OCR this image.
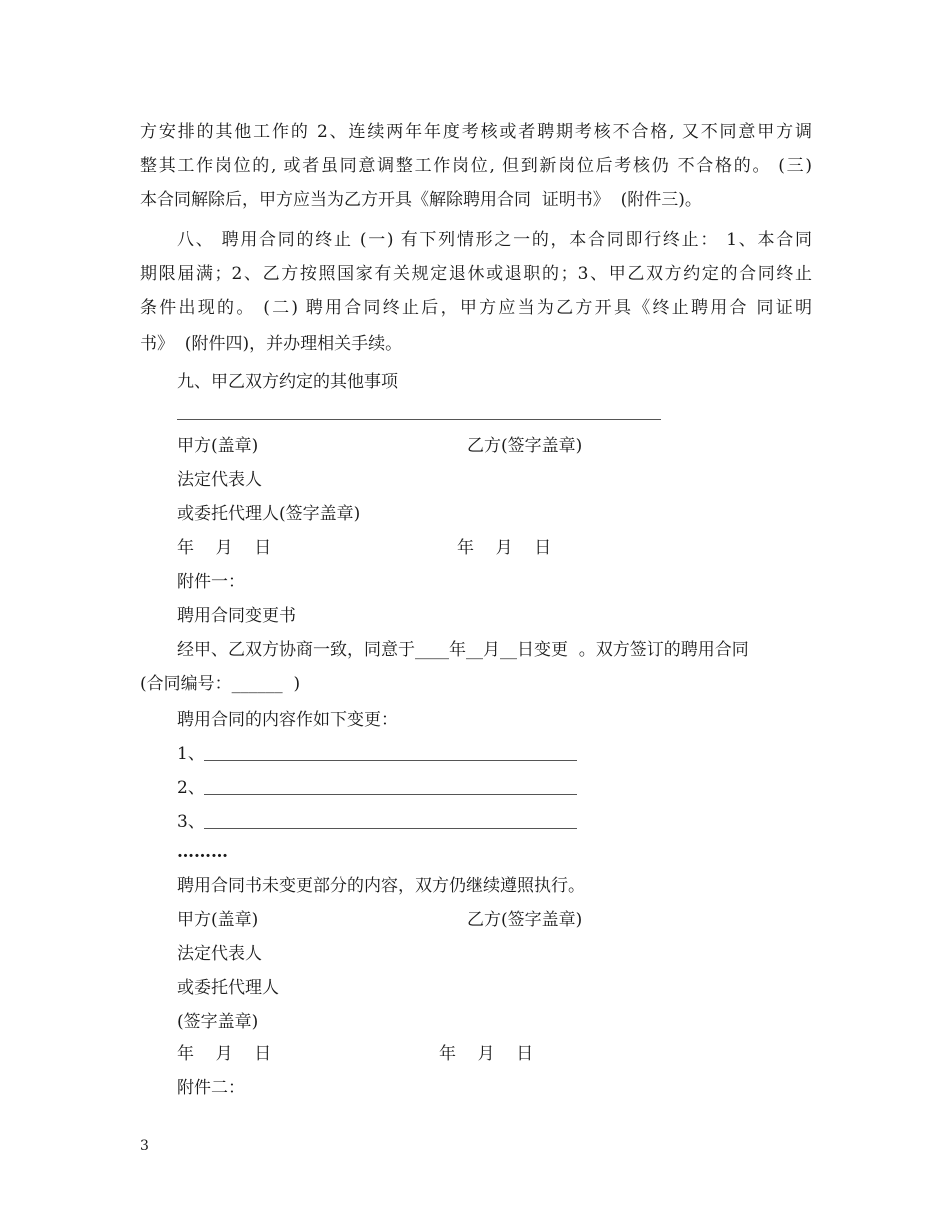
方安排的其他工作的 2、连续两年年度考核或者聘期考核不合格, 又不同意甲方调
整其工作岗位的, 或者虽同意调整工作岗位, 但到新岗位后考核仍 不合格的。 (三)
本合同解除后，甲方应当为乙方开具《解除聘用合同  证明书》  (附件三)。
八、 聘用合同的终止 (一) 有下列情形之一的，本合同即行终止： 1、本合同
期限届满；2、乙方按照国家有关规定退休或退职的；3、甲乙双方约定的合同终止
条件出现的。 (二) 聘用合同终止后，甲方应当为乙方开具《终止聘用合 同证明
书》  (附件四)，并办理相关手续。
九、甲乙双方约定的其他事项
甲方(盖章)	乙方(签字盖章)
法定代表人
或委托代理人(签字盖章)
年    月    日	年    月    日
附件一：
聘用合同变更书
经甲、乙双方协商一致，同意于____年__月__日变更  。双方签订的聘用合同
(合同编号：______  )
聘用合同的内容作如下变更：
1、
2、
3、
………
聘用合同书未变更部分的内容，双方仍继续遵照执行。
甲方(盖章)	乙方(签字盖章)
法定代表人
或委托代理人
(签字盖章)
年    月    日	年    月    日
附件二：
3
